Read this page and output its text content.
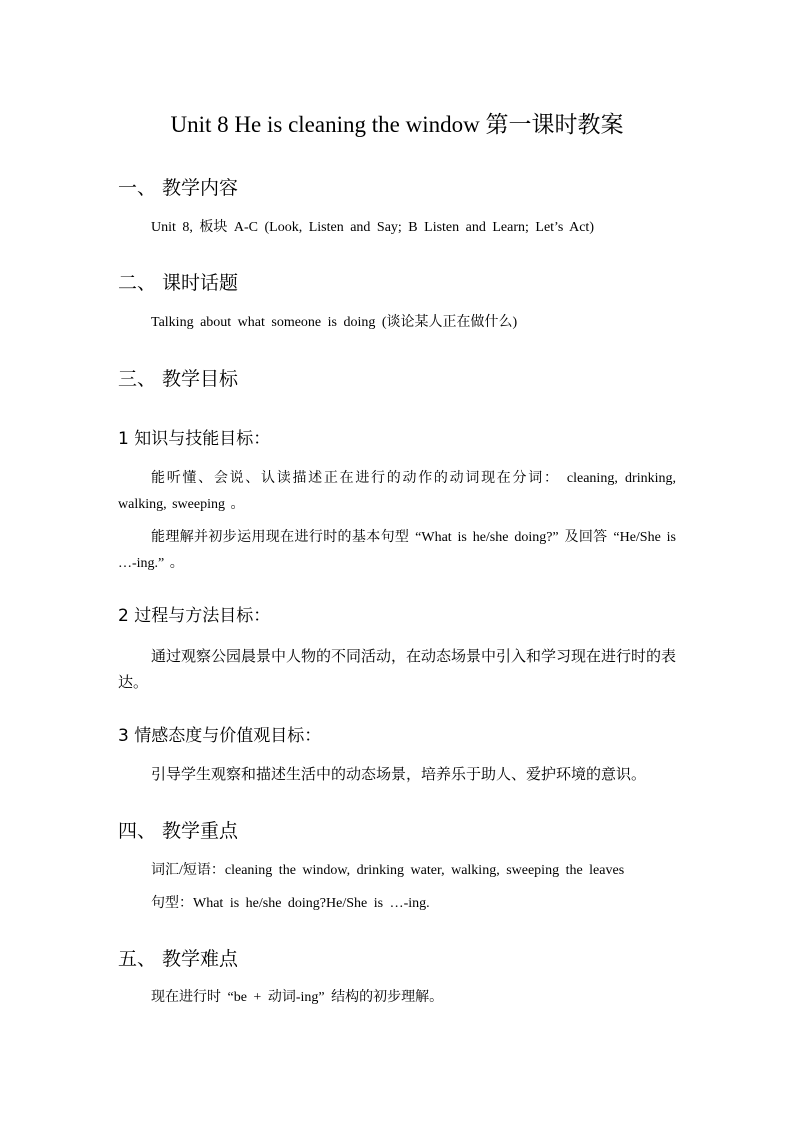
Unit 8 He is cleaning the window 第一课时教案
一、 教学内容
Unit 8, 板块 A-C (Look, Listen and Say; B Listen and Learn; Let’s Act)
二、 课时话题
Talking about what someone is doing (谈论某人正在做什么)
三、 教学目标
1 知识与技能目标：
能听懂、会说、认读描述正在进行的动作的动词现在分词： cleaning, drinking, walking, sweeping 。
能理解并初步运用现在进行时的基本句型 “What is he/she doing?” 及回答 “He/She is …-ing.” 。
2 过程与方法目标：
通过观察公园晨景中人物的不同活动，在动态场景中引入和学习现在进行时的表达。
3 情感态度与价值观目标：
引导学生观察和描述生活中的动态场景，培养乐于助人、爱护环境的意识。
四、 教学重点
词汇/短语：cleaning the window, drinking water, walking, sweeping the leaves
句型：What is he/she doing?He/She is …-ing.
五、 教学难点
现在进行时 “be + 动词-ing” 结构的初步理解。
